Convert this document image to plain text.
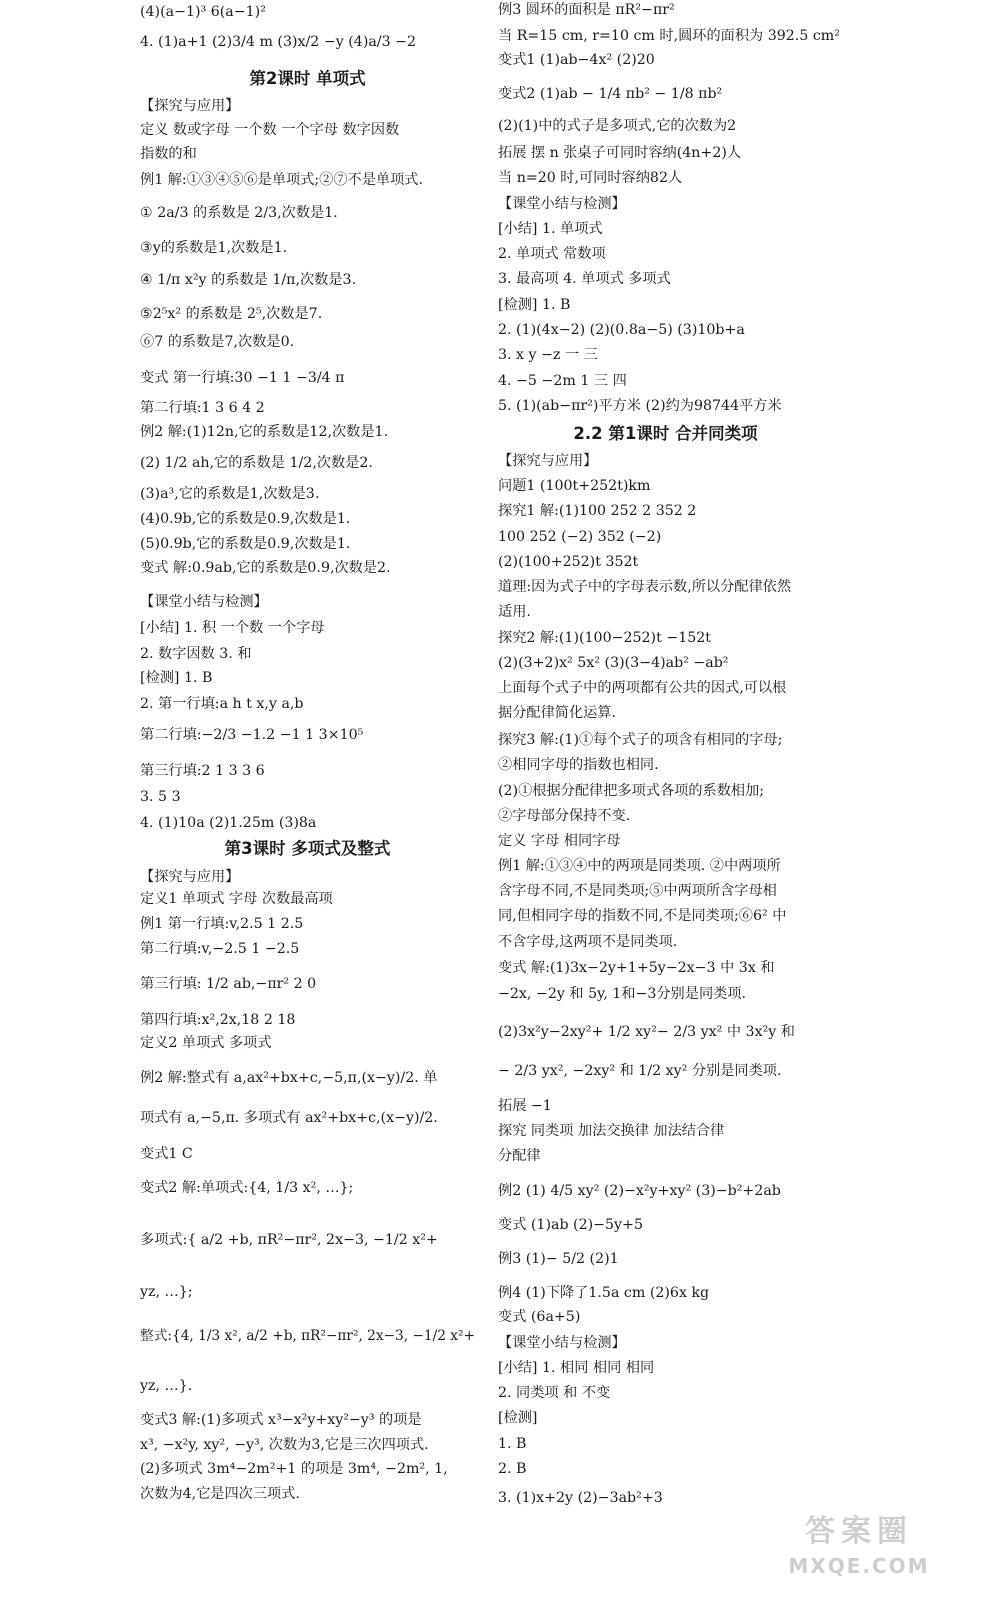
(4)(a−1)³ 6(a−1)²
4. (1)a+1 (2)3/4 m (3)x/2 −y (4)a/3 −2
第2课时 单项式
【探究与应用】
定义 数或字母 一个数 一个字母 数字因数
指数的和
例1 解:①③④⑤⑥是单项式;②⑦不是单项式.
① 2a/3 的系数是 2/3,次数是1.
③y的系数是1,次数是1.
④ 1/π x²y 的系数是 1/π,次数是3.
⑤2⁵x² 的系数是 2⁵,次数是7.
⑥7 的系数是7,次数是0.
变式 第一行填:30 −1 1 −3/4 π
第二行填:1 3 6 4 2
例2 解:(1)12n,它的系数是12,次数是1.
(2) 1/2 ah,它的系数是 1/2,次数是2.
(3)a³,它的系数是1,次数是3.
(4)0.9b,它的系数是0.9,次数是1.
(5)0.9b,它的系数是0.9,次数是1.
变式 解:0.9ab,它的系数是0.9,次数是2.
【课堂小结与检测】
[小结] 1. 积 一个数 一个字母
2. 数字因数 3. 和
[检测] 1. B
2. 第一行填:a h t x,y a,b
第二行填:−2/3 −1.2 −1 1 3×10⁵
第三行填:2 1 3 3 6
3. 5 3
4. (1)10a (2)1.25m (3)8a
第3课时 多项式及整式
【探究与应用】
定义1 单项式 字母 次数最高项
例1 第一行填:v,2.5 1 2.5
第二行填:v,−2.5 1 −2.5
第三行填: 1/2 ab,−πr² 2 0
第四行填:x²,2x,18 2 18
定义2 单项式 多项式
例2 解:整式有 a,ax²+bx+c,−5,π,(x−y)/2. 单
项式有 a,−5,π. 多项式有 ax²+bx+c,(x−y)/2.
变式1 C
变式2 解:单项式:{4, 1/3 x², …};
多项式:{ a/2 +b, πR²−πr², 2x−3, −1/2 x²+
yz, …};
整式:{4, 1/3 x², a/2 +b, πR²−πr², 2x−3, −1/2 x²+
yz, …}.
变式3 解:(1)多项式 x³−x²y+xy²−y³ 的项是
x³, −x²y, xy², −y³, 次数为3,它是三次四项式.
(2)多项式 3m⁴−2m²+1 的项是 3m⁴, −2m², 1,
次数为4,它是四次三项式.
例3 圆环的面积是 πR²−πr²
当 R=15 cm, r=10 cm 时,圆环的面积为 392.5 cm²
变式1 (1)ab−4x² (2)20
变式2 (1)ab − 1/4 πb² − 1/8 πb²
(2)(1)中的式子是多项式,它的次数为2
拓展 摆 n 张桌子可同时容纳(4n+2)人
当 n=20 时,可同时容纳82人
【课堂小结与检测】
[小结] 1. 单项式
2. 单项式 常数项
3. 最高项 4. 单项式 多项式
[检测] 1. B
2. (1)(4x−2) (2)(0.8a−5) (3)10b+a
3. x y −z 一 三
4. −5 −2m 1 三 四
5. (1)(ab−πr²)平方米 (2)约为98744平方米
2.2 第1课时 合并同类项
【探究与应用】
问题1 (100t+252t)km
探究1 解:(1)100 252 2 352 2
100 252 (−2) 352 (−2)
(2)(100+252)t 352t
道理:因为式子中的字母表示数,所以分配律依然
适用.
探究2 解:(1)(100−252)t −152t
(2)(3+2)x² 5x² (3)(3−4)ab² −ab²
上面每个式子中的两项都有公共的因式,可以根
据分配律简化运算.
探究3 解:(1)①每个式子的项含有相同的字母;
②相同字母的指数也相同.
(2)①根据分配律把多项式各项的系数相加;
②字母部分保持不变.
定义 字母 相同字母
例1 解:①③④中的两项是同类项. ②中两项所
含字母不同,不是同类项;⑤中两项所含字母相
同,但相同字母的指数不同,不是同类项;⑥6² 中
不含字母,这两项不是同类项.
变式 解:(1)3x−2y+1+5y−2x−3 中 3x 和
−2x, −2y 和 5y, 1和−3分别是同类项.
(2)3x²y−2xy²+ 1/2 xy²− 2/3 yx² 中 3x²y 和
− 2/3 yx², −2xy² 和 1/2 xy² 分别是同类项.
拓展 −1
探究 同类项 加法交换律 加法结合律
分配律
例2 (1) 4/5 xy² (2)−x²y+xy² (3)−b²+2ab
变式 (1)ab (2)−5y+5
例3 (1)− 5/2 (2)1
例4 (1)下降了1.5a cm (2)6x kg
变式 (6a+5)
【课堂小结与检测】
[小结] 1. 相同 相同 相同
2. 同类项 和 不变
[检测]
1. B
2. B
3. (1)x+2y (2)−3ab²+3
答案圈
MXQE.COM
